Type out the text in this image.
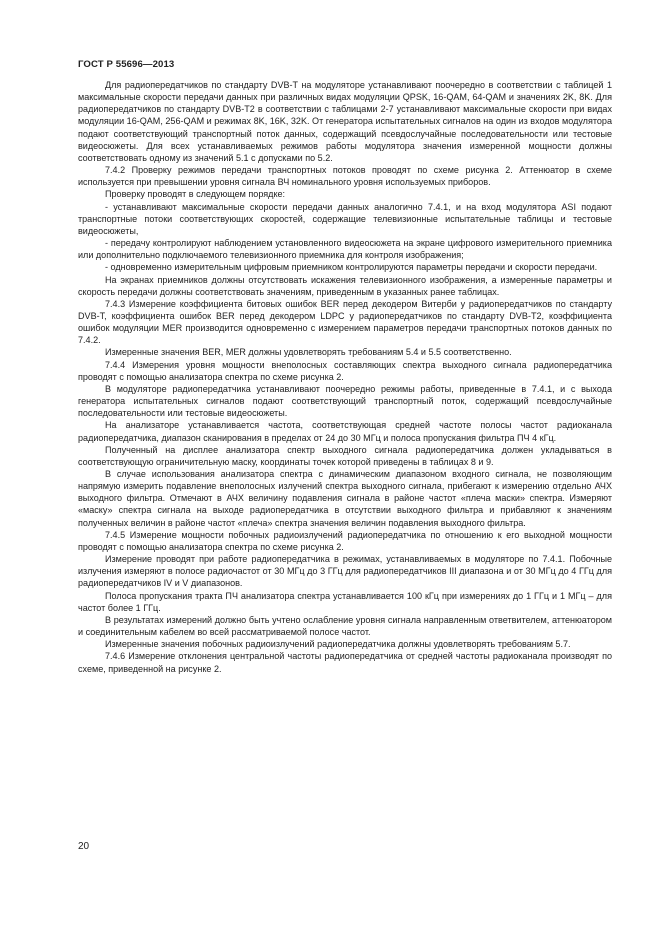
ГОСТ Р 55696—2013

Для радиопередатчиков по стандарту DVB-T на модуляторе устанавливают поочередно в соответствии с таблицей 1 максимальные скорости передачи данных при различных видах модуляции QPSK, 16-QAM, 64-QAM и значениях 2K, 8K. Для радиопередатчиков по стандарту DVB-T2 в соответствии с таблицами 2-7 устанавливают максимальные скорости при видах модуляции 16-QAM, 256-QAM и режимах 8K, 16K, 32K. От генератора испытательных сигналов на один из входов модулятора подают соответствующий транспортный поток данных, содержащий псевдослучайные последовательности или тестовые видеосюжеты. Для всех устанавливаемых режимов работы модулятора значения измеренной мощности должны соответствовать одному из значений 5.1 с допусками по 5.2.

7.4.2 Проверку режимов передачи транспортных потоков проводят по схеме рисунка 2. Аттенюатор в схеме используется при превышении уровня сигнала ВЧ номинального уровня используемых приборов.

Проверку проводят в следующем порядке:

- устанавливают максимальные скорости передачи данных аналогично 7.4.1, и на вход модулятора ASI подают транспортные потоки соответствующих скоростей, содержащие телевизионные испытательные таблицы и тестовые видеосюжеты,

- передачу контролируют наблюдением установленного видеосюжета на экране цифрового измерительного приемника или дополнительно подключаемого телевизионного приемника для контроля изображения;

- одновременно измерительным цифровым приемником контролируются параметры передачи и скорости передачи.

На экранах приемников должны отсутствовать искажения телевизионного изображения, а измеренные параметры и скорость передачи должны соответствовать значениям, приведенным в указанных ранее таблицах.

7.4.3 Измерение коэффициента битовых ошибок BER перед декодером Витерби у радиопередатчиков по стандарту DVB-T, коэффициента ошибок BER перед декодером LDPC у радиопередатчиков по стандарту DVB-T2, коэффициента ошибок модуляции MER производится одновременно с измерением параметров передачи транспортных потоков данных по 7.4.2.

Измеренные значения BER, MER должны удовлетворять требованиям 5.4 и 5.5 соответственно.

7.4.4 Измерения уровня мощности внеполосных составляющих спектра выходного сигнала радиопередатчика проводят с помощью анализатора спектра по схеме рисунка 2.

В модуляторе радиопередатчика устанавливают поочередно режимы работы, приведенные в 7.4.1, и с выхода генератора испытательных сигналов подают соответствующий транспортный поток, содержащий псевдослучайные последовательности или тестовые видеосюжеты.

На анализаторе устанавливается частота, соответствующая средней частоте полосы частот радиоканала радиопередатчика, диапазон сканирования в пределах от 24 до 30 МГц и полоса пропускания фильтра ПЧ 4 кГц.

Полученный на дисплее анализатора спектр выходного сигнала радиопередатчика должен укладываться в соответствующую ограничительную маску, координаты точек которой приведены в таблицах 8 и 9.

В случае использования анализатора спектра с динамическим диапазоном входного сигнала, не позволяющим напрямую измерить подавление внеполосных излучений спектра выходного сигнала, прибегают к измерению отдельно АЧХ выходного фильтра. Отмечают в АЧХ величину подавления сигнала в районе частот «плеча маски» спектра. Измеряют «маску» спектра сигнала на выходе радиопередатчика в отсутствии выходного фильтра и прибавляют к значениям полученных величин в районе частот «плеча» спектра значения величин подавления выходного фильтра.

7.4.5 Измерение мощности побочных радиоизлучений радиопередатчика по отношению к его выходной мощности проводят с помощью анализатора спектра по схеме рисунка 2.

Измерение проводят при работе радиопередатчика в режимах, устанавливаемых в модуляторе по 7.4.1. Побочные излучения измеряют в полосе радиочастот от 30 МГц до 3 ГГц для радиопередатчиков III диапазона и от 30 МГц до 4 ГГц для радиопередатчиков IV и V диапазонов.

Полоса пропускания тракта ПЧ анализатора спектра устанавливается 100 кГц при измерениях до 1 ГГц и 1 МГц – для частот более 1 ГГц.

В результатах измерений должно быть учтено ослабление уровня сигнала направленным ответвителем, аттенюатором и соединительным кабелем во всей рассматриваемой полосе частот.

Измеренные значения побочных радиоизлучений радиопередатчика должны удовлетворять требованиям 5.7.

7.4.6 Измерение отклонения центральной частоты радиопередатчика от средней частоты радиоканала производят по схеме, приведенной на рисунке 2.

20
